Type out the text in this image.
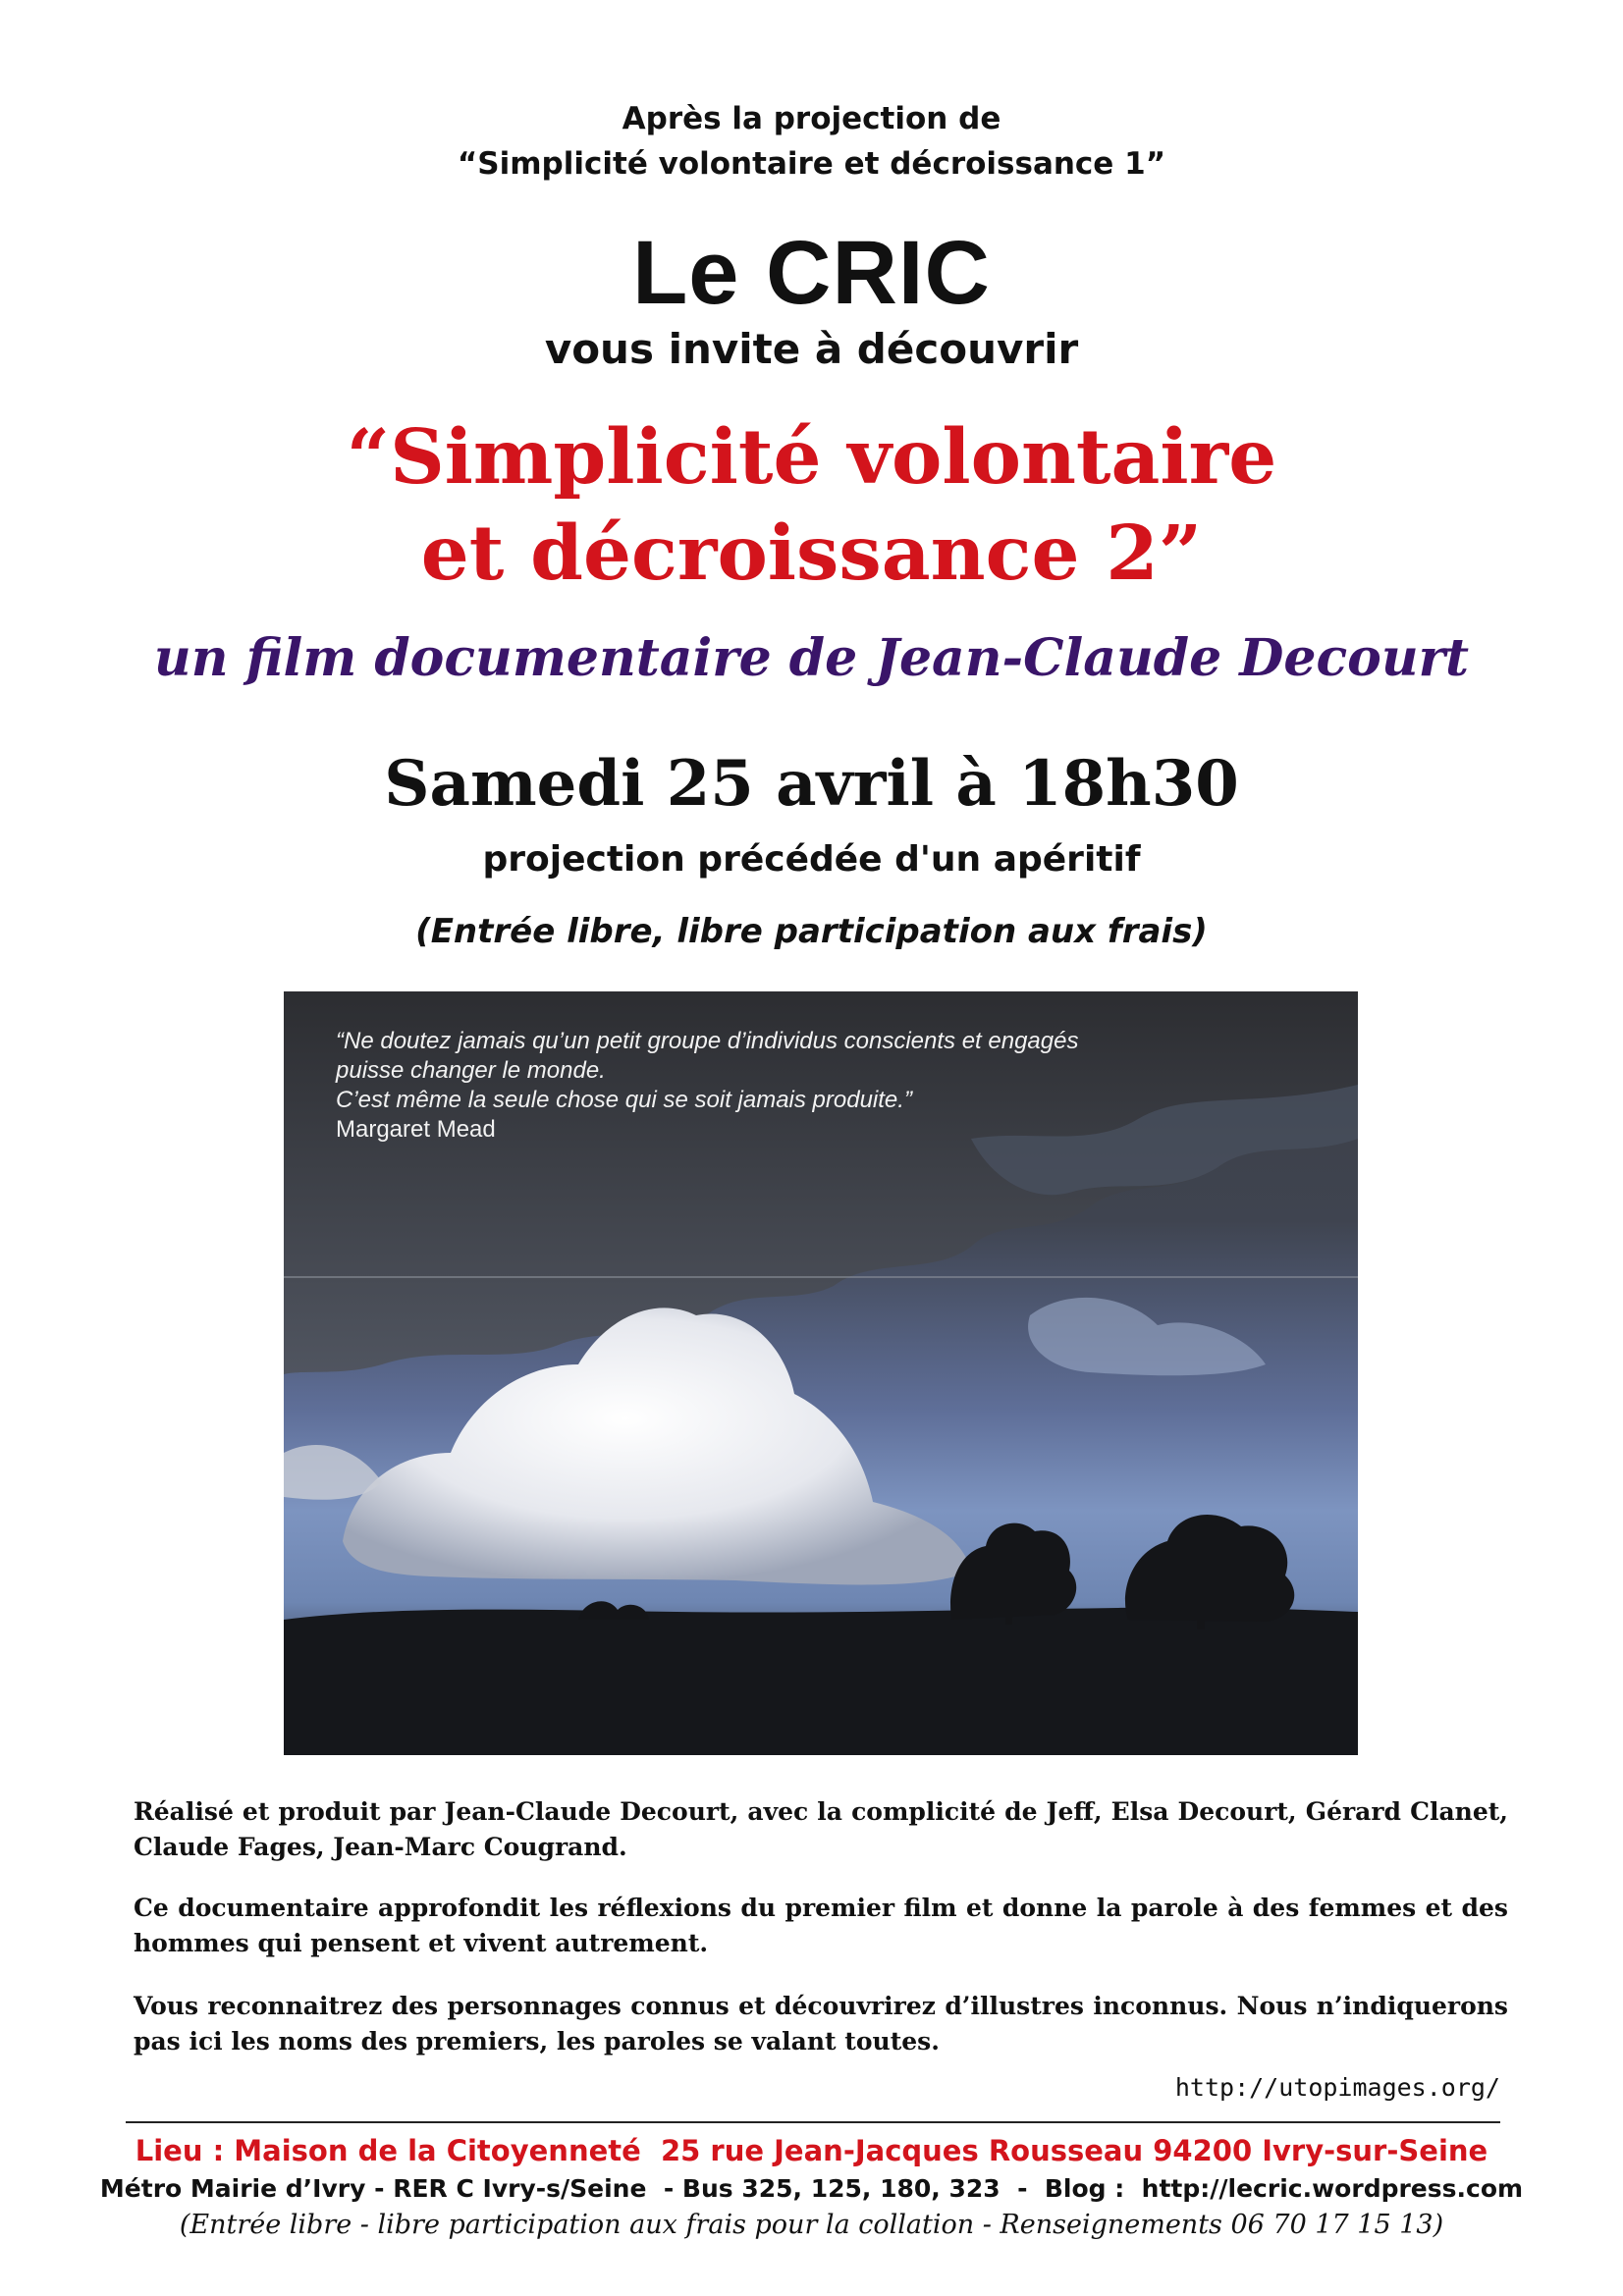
Après la projection de
“Simplicité volontaire et décroissance 1”
Le CRIC
vous invite à découvrir
“Simplicité volontaire
et décroissance 2”
un film documentaire de Jean-Claude Decourt
Samedi 25 avril à 18h30
projection précédée d'un apéritif
(Entrée libre, libre participation aux frais)
“Ne doutez jamais qu’un petit groupe d’individus conscients et engagés
puisse changer le monde.
C’est même la seule chose qui se soit jamais produite.”
Margaret Mead
Réalisé et produit par Jean-Claude Decourt, avec la complicité de Jeff, Elsa Decourt, Gérard Clanet, Claude Fages, Jean-Marc Cougrand.
Ce documentaire approfondit les réflexions du premier film et donne la parole à des femmes et des hommes qui pensent et vivent autrement.
Vous reconnaitrez des personnages connus et découvrirez d’illustres inconnus. Nous n’indiquerons pas ici les noms des premiers, les paroles se valant toutes.
http://utopimages.org/
Lieu : Maison de la Citoyenneté  25 rue Jean-Jacques Rousseau 94200 Ivry-sur-Seine
Métro Mairie d’Ivry - RER C Ivry-s/Seine  - Bus 325, 125, 180, 323  -  Blog :  http://lecric.wordpress.com
(Entrée libre - libre participation aux frais pour la collation - Renseignements 06 70 17 15 13)
